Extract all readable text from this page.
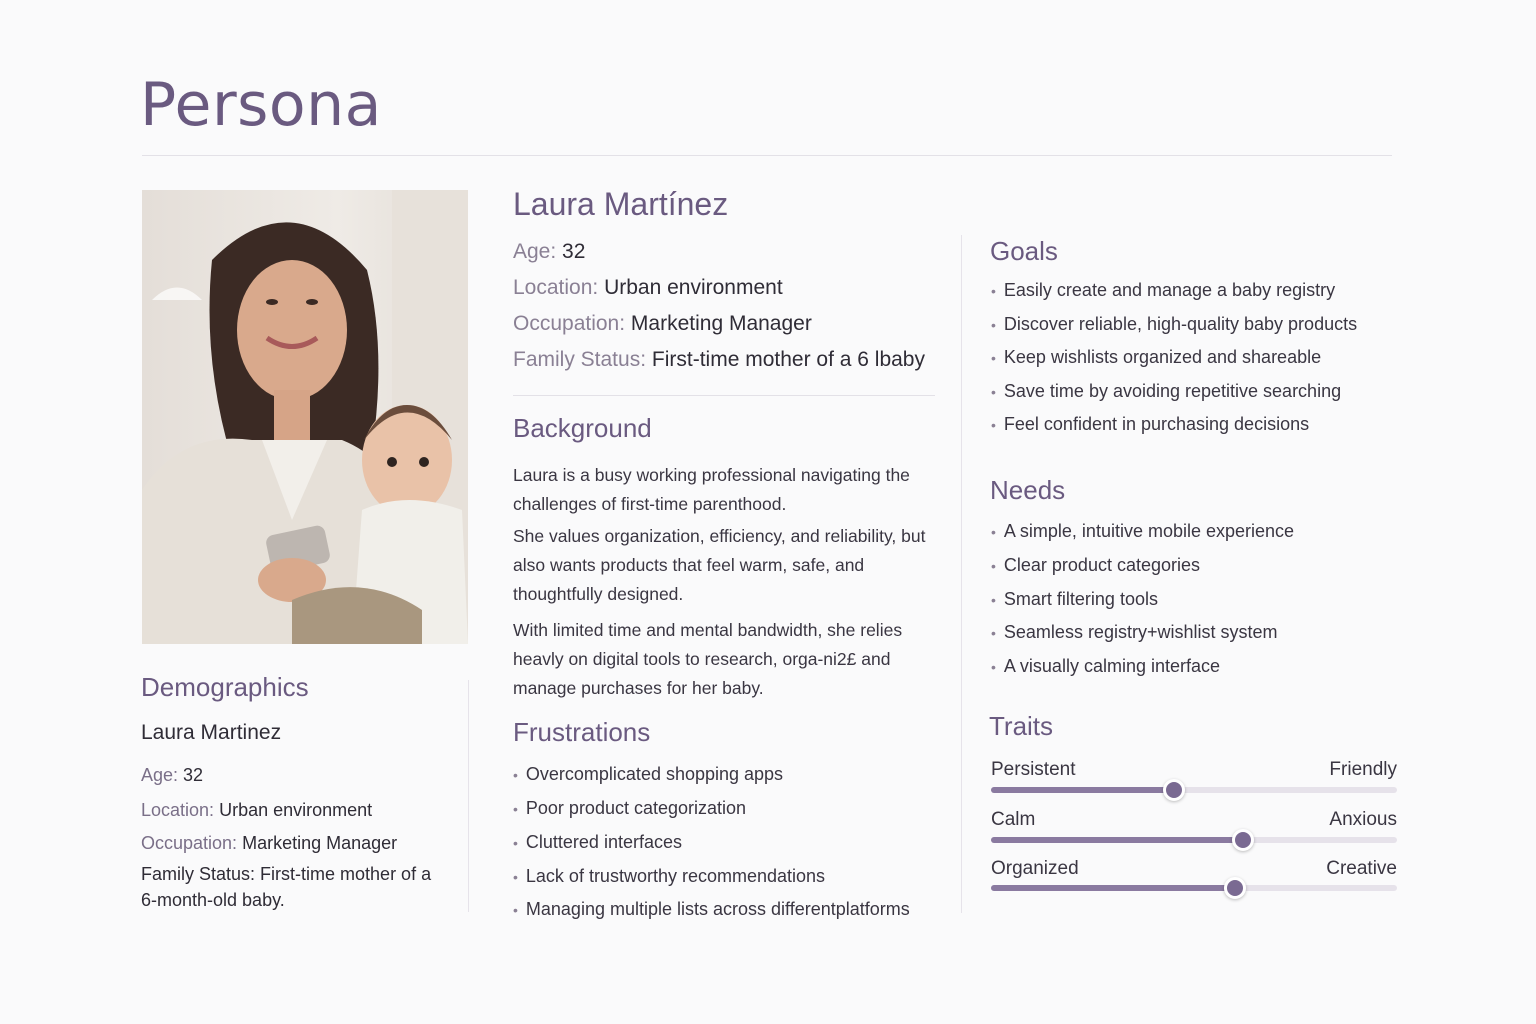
Persona
Demographics
Laura Martinez
Age: 32
Location: Urban environment
Occupation: Marketing Manager
Family Status: First-time mother of a 6-month-old baby.
Laura Martínez
Age: 32
Location: Urban environment
Occupation: Marketing Manager
Family Status: First-time mother of a 6 lbaby
Background
Laura is a busy working professional navigating the challenges of first-time parenthood.
She values organization, efficiency, and reliability, but also wants products that feel warm, safe, and thoughtfully designed.
With limited time and mental bandwidth, she relies heavly on digital tools to research, orga-ni2£ and manage purchases for her baby.
Frustrations
• Overcomplicated shopping apps
• Poor product categorization
• Cluttered interfaces
• Lack of trustworthy recommendations
• Managing multiple lists across differentplatforms
Goals
• Easily create and manage a baby registry
• Discover reliable, high-quality baby products
• Keep wishlists organized and shareable
• Save time by avoiding repetitive searching
• Feel confident in purchasing decisions
Needs
• A simple, intuitive mobile experience
• Clear product categories
• Smart filtering tools
• Seamless registry+wishlist system
• A visually calming interface
Traits
Persistent	Friendly
Calm	Anxious
Organized	Creative
